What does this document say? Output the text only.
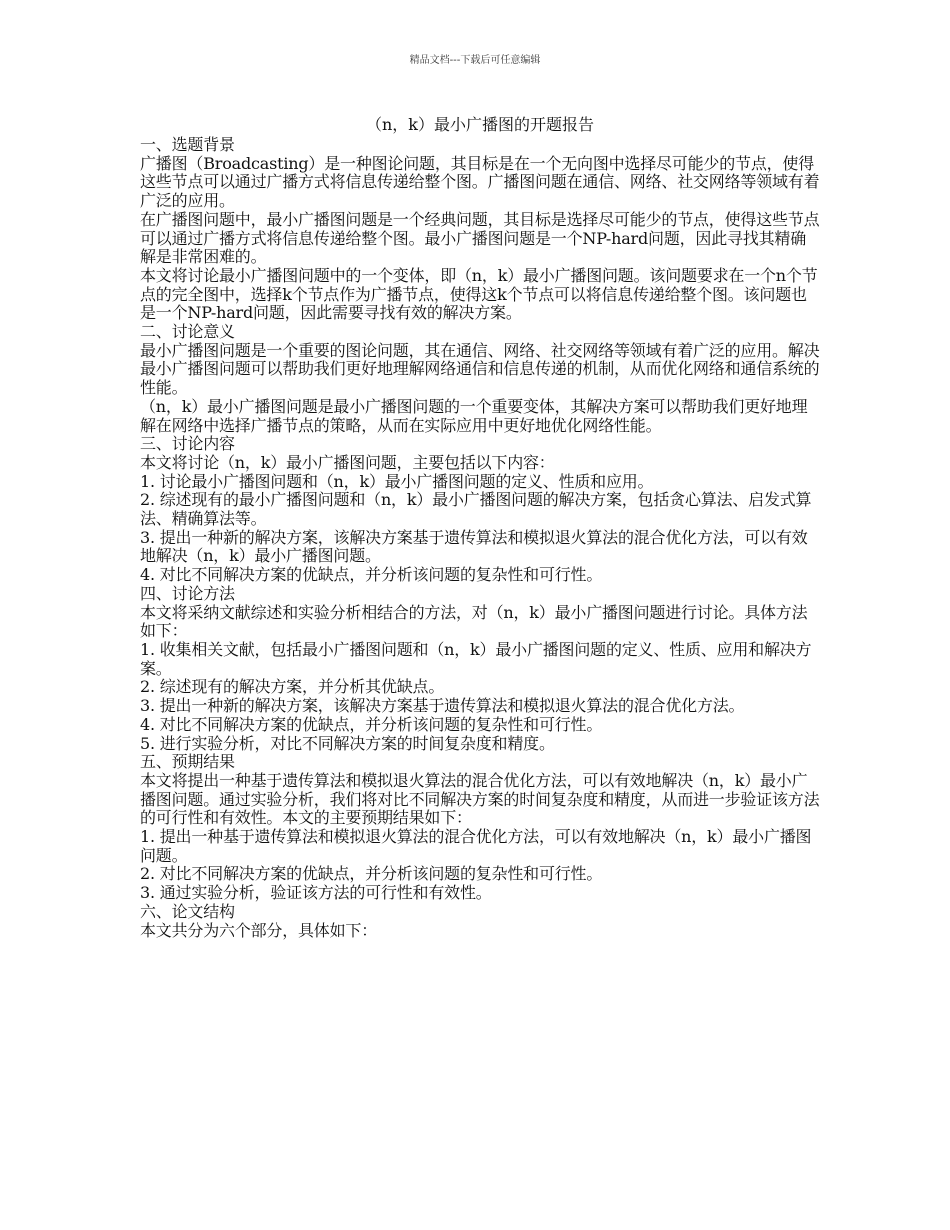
精品文档---下载后可任意编辑
（n，k）最小广播图的开题报告

一、选题背景

广播图（Broadcasting）是一种图论问题，其目标是在一个无向图中选择尽可能少的节点，使得这些节点可以通过广播方式将信息传递给整个图。广播图问题在通信、网络、社交网络等领域有着广泛的应用。

在广播图问题中，最小广播图问题是一个经典问题，其目标是选择尽可能少的节点，使得这些节点可以通过广播方式将信息传递给整个图。最小广播图问题是一个NP-hard问题，因此寻找其精确解是非常困难的。

本文将讨论最小广播图问题中的一个变体，即（n，k）最小广播图问题。该问题要求在一个n个节点的完全图中，选择k个节点作为广播节点，使得这k个节点可以将信息传递给整个图。该问题也是一个NP-hard问题，因此需要寻找有效的解决方案。

二、讨论意义

最小广播图问题是一个重要的图论问题，其在通信、网络、社交网络等领域有着广泛的应用。解决最小广播图问题可以帮助我们更好地理解网络通信和信息传递的机制，从而优化网络和通信系统的性能。

（n，k）最小广播图问题是最小广播图问题的一个重要变体，其解决方案可以帮助我们更好地理解在网络中选择广播节点的策略，从而在实际应用中更好地优化网络性能。

三、讨论内容

本文将讨论（n，k）最小广播图问题，主要包括以下内容：

1. 讨论最小广播图问题和（n，k）最小广播图问题的定义、性质和应用。

2. 综述现有的最小广播图问题和（n，k）最小广播图问题的解决方案，包括贪心算法、启发式算法、精确算法等。

3. 提出一种新的解决方案，该解决方案基于遗传算法和模拟退火算法的混合优化方法，可以有效地解决（n，k）最小广播图问题。

4. 对比不同解决方案的优缺点，并分析该问题的复杂性和可行性。

四、讨论方法

本文将采纳文献综述和实验分析相结合的方法，对（n，k）最小广播图问题进行讨论。具体方法如下：

1. 收集相关文献，包括最小广播图问题和（n，k）最小广播图问题的定义、性质、应用和解决方案。

2. 综述现有的解决方案，并分析其优缺点。

3. 提出一种新的解决方案，该解决方案基于遗传算法和模拟退火算法的混合优化方法。

4. 对比不同解决方案的优缺点，并分析该问题的复杂性和可行性。

5. 进行实验分析，对比不同解决方案的时间复杂度和精度。

五、预期结果

本文将提出一种基于遗传算法和模拟退火算法的混合优化方法，可以有效地解决（n，k）最小广播图问题。通过实验分析，我们将对比不同解决方案的时间复杂度和精度，从而进一步验证该方法的可行性和有效性。本文的主要预期结果如下：

1. 提出一种基于遗传算法和模拟退火算法的混合优化方法，可以有效地解决（n，k）最小广播图问题。

2. 对比不同解决方案的优缺点，并分析该问题的复杂性和可行性。

3. 通过实验分析，验证该方法的可行性和有效性。

六、论文结构

本文共分为六个部分，具体如下：
